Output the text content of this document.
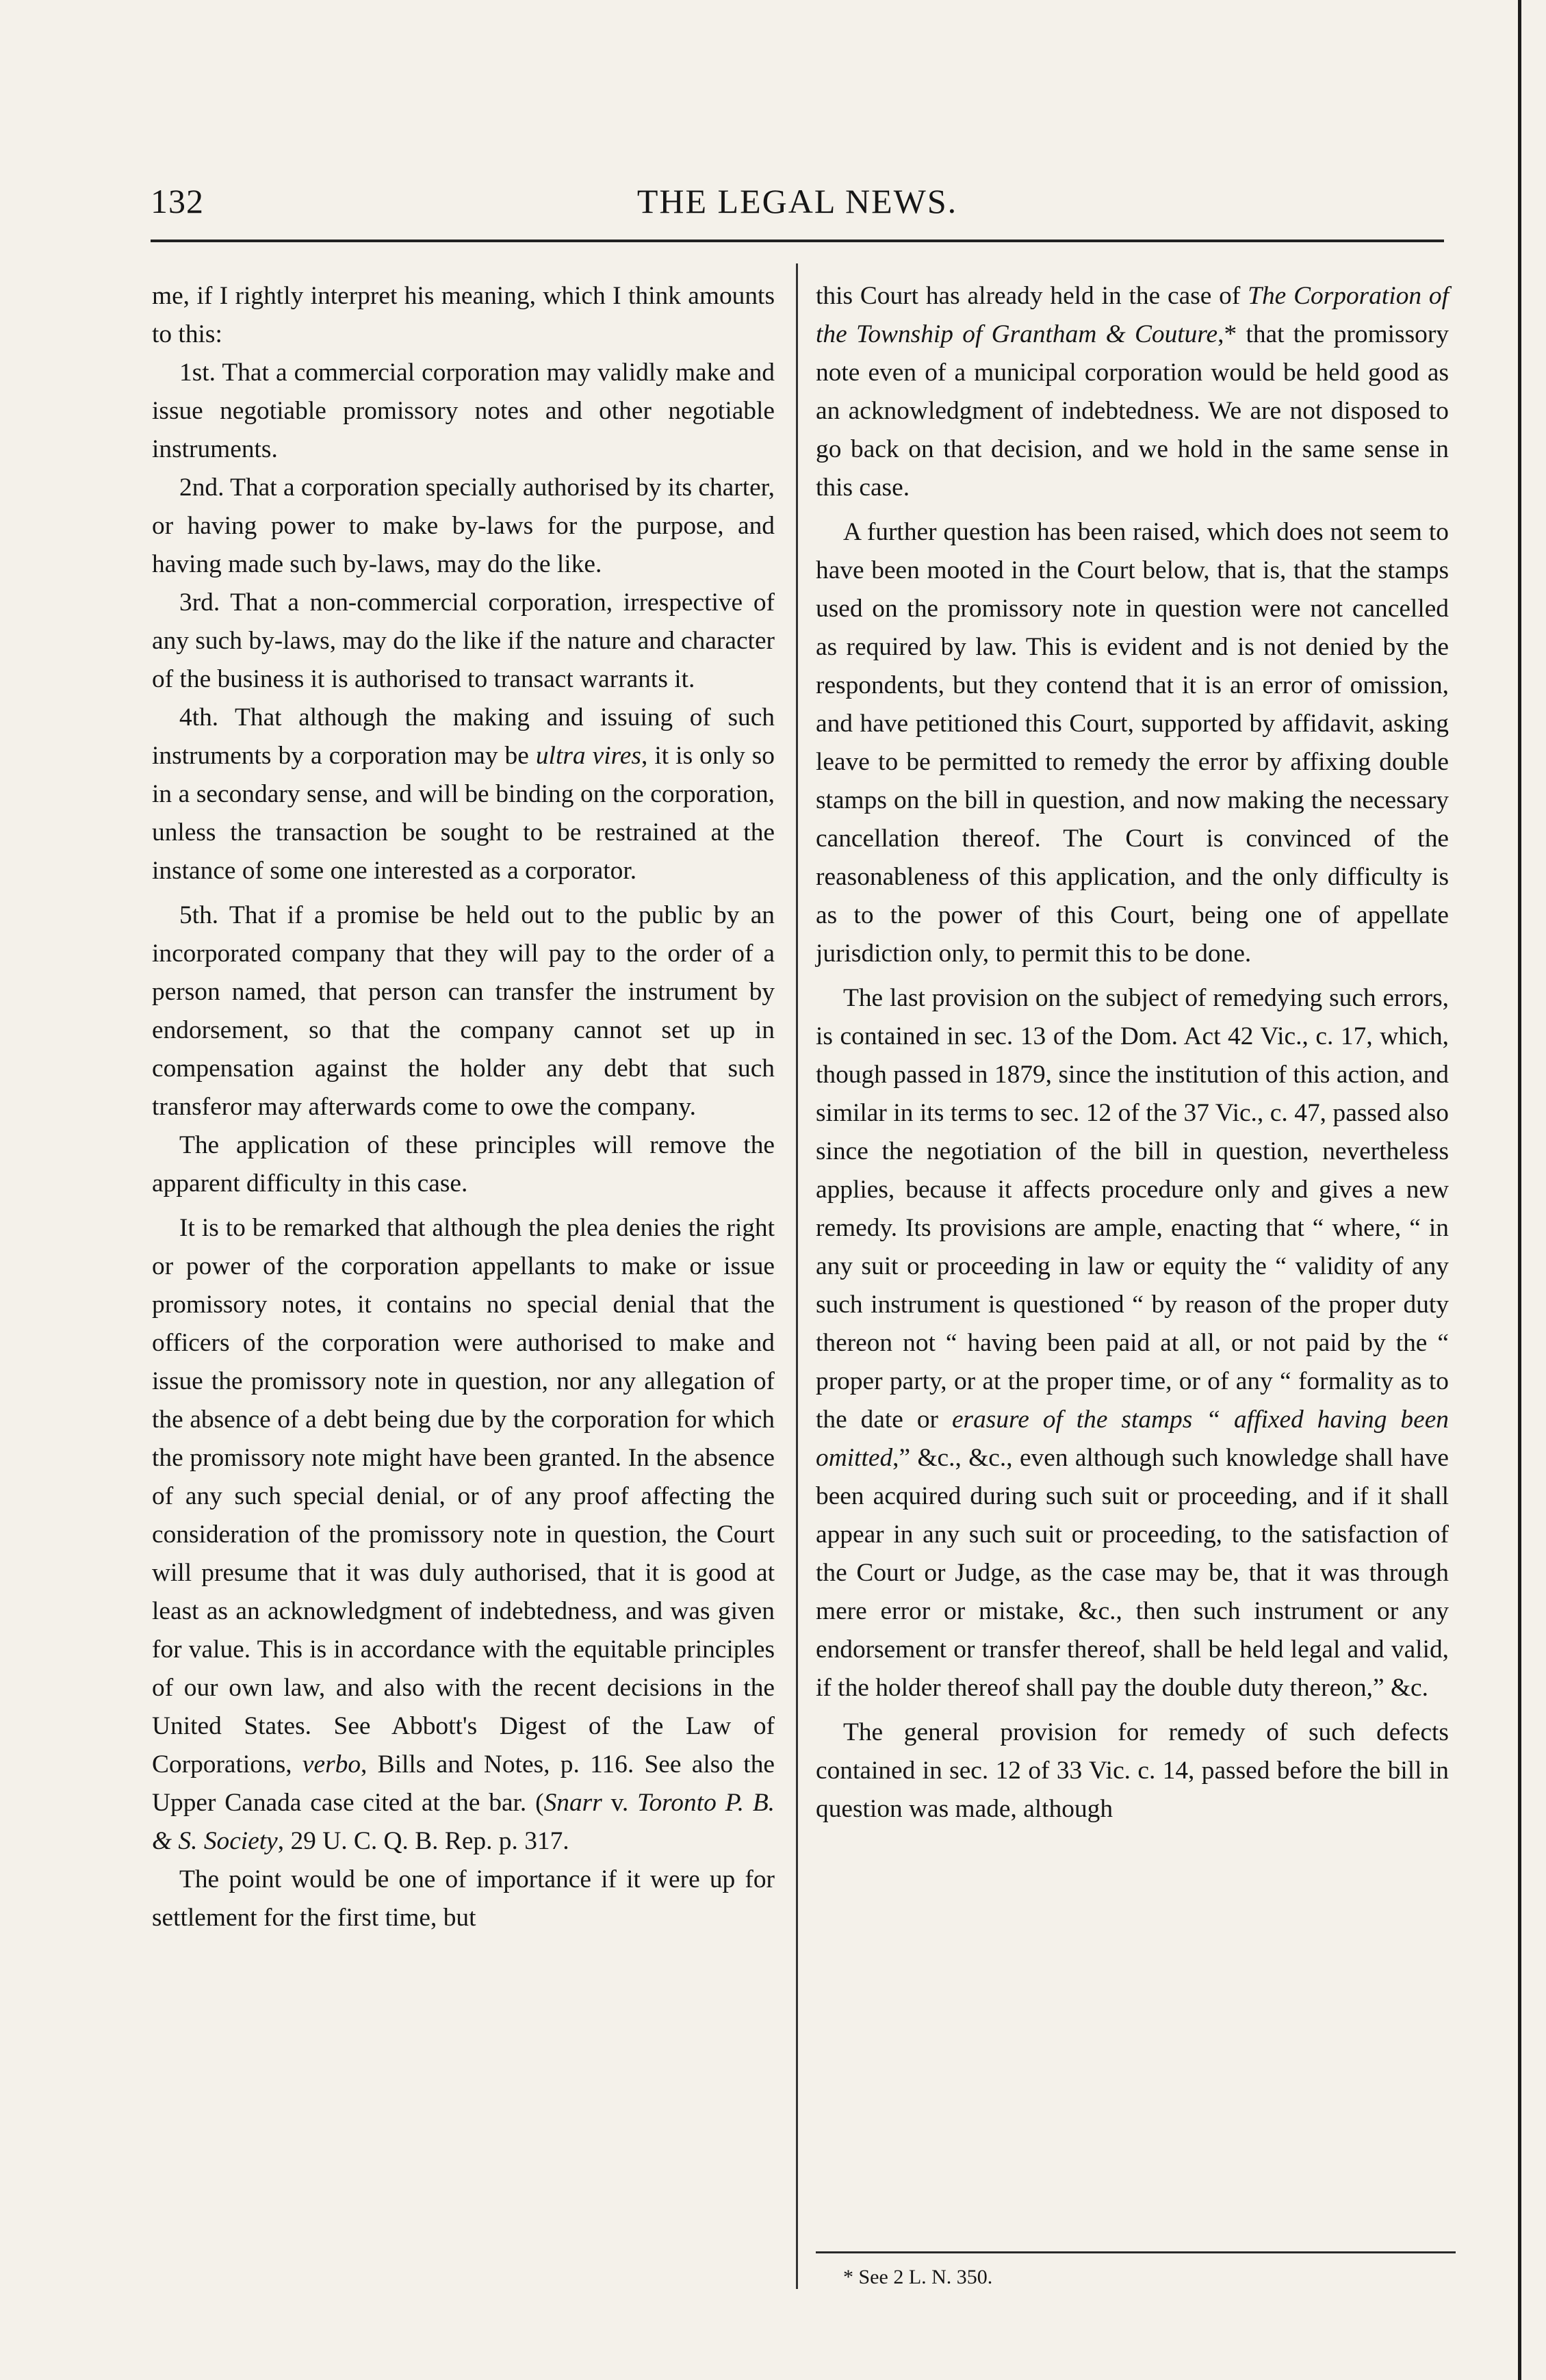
132	THE LEGAL NEWS.

me, if I rightly interpret his meaning, which I think amounts to this:

1st. That a commercial corporation may validly make and issue negotiable promissory notes and other negotiable instruments.

2nd. That a corporation specially authorised by its charter, or having power to make by-laws for the purpose, and having made such by-laws, may do the like.

3rd. That a non-commercial corporation, irrespective of any such by-laws, may do the like if the nature and character of the business it is authorised to transact warrants it.

4th. That although the making and issuing of such instruments by a corporation may be ultra vires, it is only so in a secondary sense, and will be binding on the corporation, unless the transaction be sought to be restrained at the instance of some one interested as a corporator.

5th. That if a promise be held out to the public by an incorporated company that they will pay to the order of a person named, that person can transfer the instrument by endorsement, so that the company cannot set up in compensation against the holder any debt that such transferor may afterwards come to owe the company.

The application of these principles will remove the apparent difficulty in this case.

It is to be remarked that although the plea denies the right or power of the corporation appellants to make or issue promissory notes, it contains no special denial that the officers of the corporation were authorised to make and issue the promissory note in question, nor any allegation of the absence of a debt being due by the corporation for which the promissory note might have been granted. In the absence of any such special denial, or of any proof affecting the consideration of the promissory note in question, the Court will presume that it was duly authorised, that it is good at least as an acknowledgment of indebtedness, and was given for value. This is in accordance with the equitable principles of our own law, and also with the recent decisions in the United States. See Abbott's Digest of the Law of Corporations, verbo, Bills and Notes, p. 116. See also the Upper Canada case cited at the bar. (Snarr v. Toronto P. B. & S. Society, 29 U. C. Q. B. Rep. p. 317.

The point would be one of importance if it were up for settlement for the first time, but

this Court has already held in the case of The Corporation of the Township of Grantham & Couture,* that the promissory note even of a municipal corporation would be held good as an acknowledgment of indebtedness. We are not disposed to go back on that decision, and we hold in the same sense in this case.

A further question has been raised, which does not seem to have been mooted in the Court below, that is, that the stamps used on the promissory note in question were not cancelled as required by law. This is evident and is not denied by the respondents, but they contend that it is an error of omission, and have petitioned this Court, supported by affidavit, asking leave to be permitted to remedy the error by affixing double stamps on the bill in question, and now making the necessary cancellation thereof. The Court is convinced of the reasonableness of this application, and the only difficulty is as to the power of this Court, being one of appellate jurisdiction only, to permit this to be done.

The last provision on the subject of remedying such errors, is contained in sec. 13 of the Dom. Act 42 Vic., c. 17, which, though passed in 1879, since the institution of this action, and similar in its terms to sec. 12 of the 37 Vic., c. 47, passed also since the negotiation of the bill in question, nevertheless applies, because it affects procedure only and gives a new remedy. Its provisions are ample, enacting that “ where, “ in any suit or proceeding in law or equity the “ validity of any such instrument is questioned “ by reason of the proper duty thereon not “ having been paid at all, or not paid by the “ proper party, or at the proper time, or of any “ formality as to the date or erasure of the stamps “ affixed having been omitted,” &c., &c., even although such knowledge shall have been acquired during such suit or proceeding, and if it shall appear in any such suit or proceeding, to the satisfaction of the Court or Judge, as the case may be, that it was through mere error or mistake, &c., then such instrument or any endorsement or transfer thereof, shall be held legal and valid, if the holder thereof shall pay the double duty thereon,” &c.

The general provision for remedy of such defects contained in sec. 12 of 33 Vic. c. 14, passed before the bill in question was made, although

* See 2 L. N. 350.
